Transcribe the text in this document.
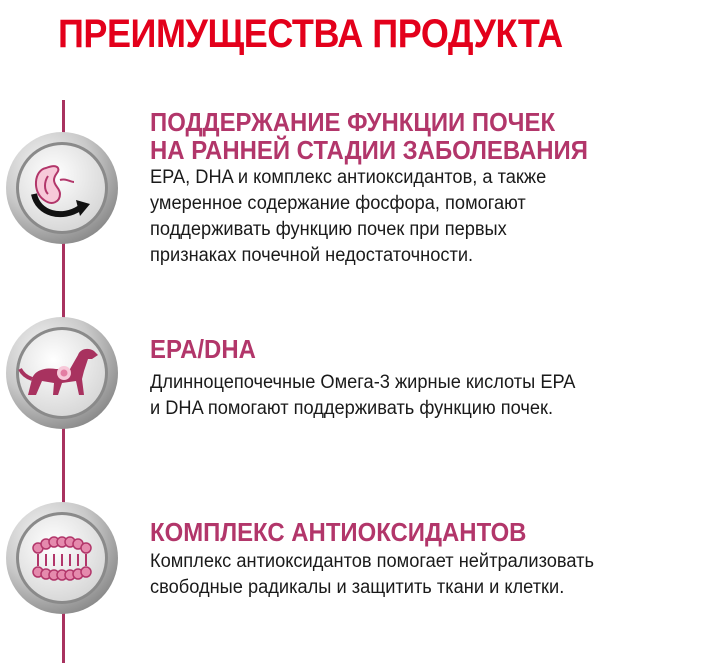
ПРЕИМУЩЕСТВА ПРОДУКТА
ПОДДЕРЖАНИЕ ФУНКЦИИ ПОЧЕК
НА РАННЕЙ СТАДИИ ЗАБОЛЕВАНИЯ
EPA, DHA и комплекс антиоксидантов, а также
умеренное содержание фосфора, помогают
поддерживать функцию почек при первых
признаках почечной недостаточности.
EPA/DHA
Длинноцепочечные Омега-3 жирные кислоты EPA
и DHA помогают поддерживать функцию почек.
КОМПЛЕКС АНТИОКСИДАНТОВ
Комплекс антиоксидантов помогает нейтрализовать
свободные радикалы и защитить ткани и клетки.
